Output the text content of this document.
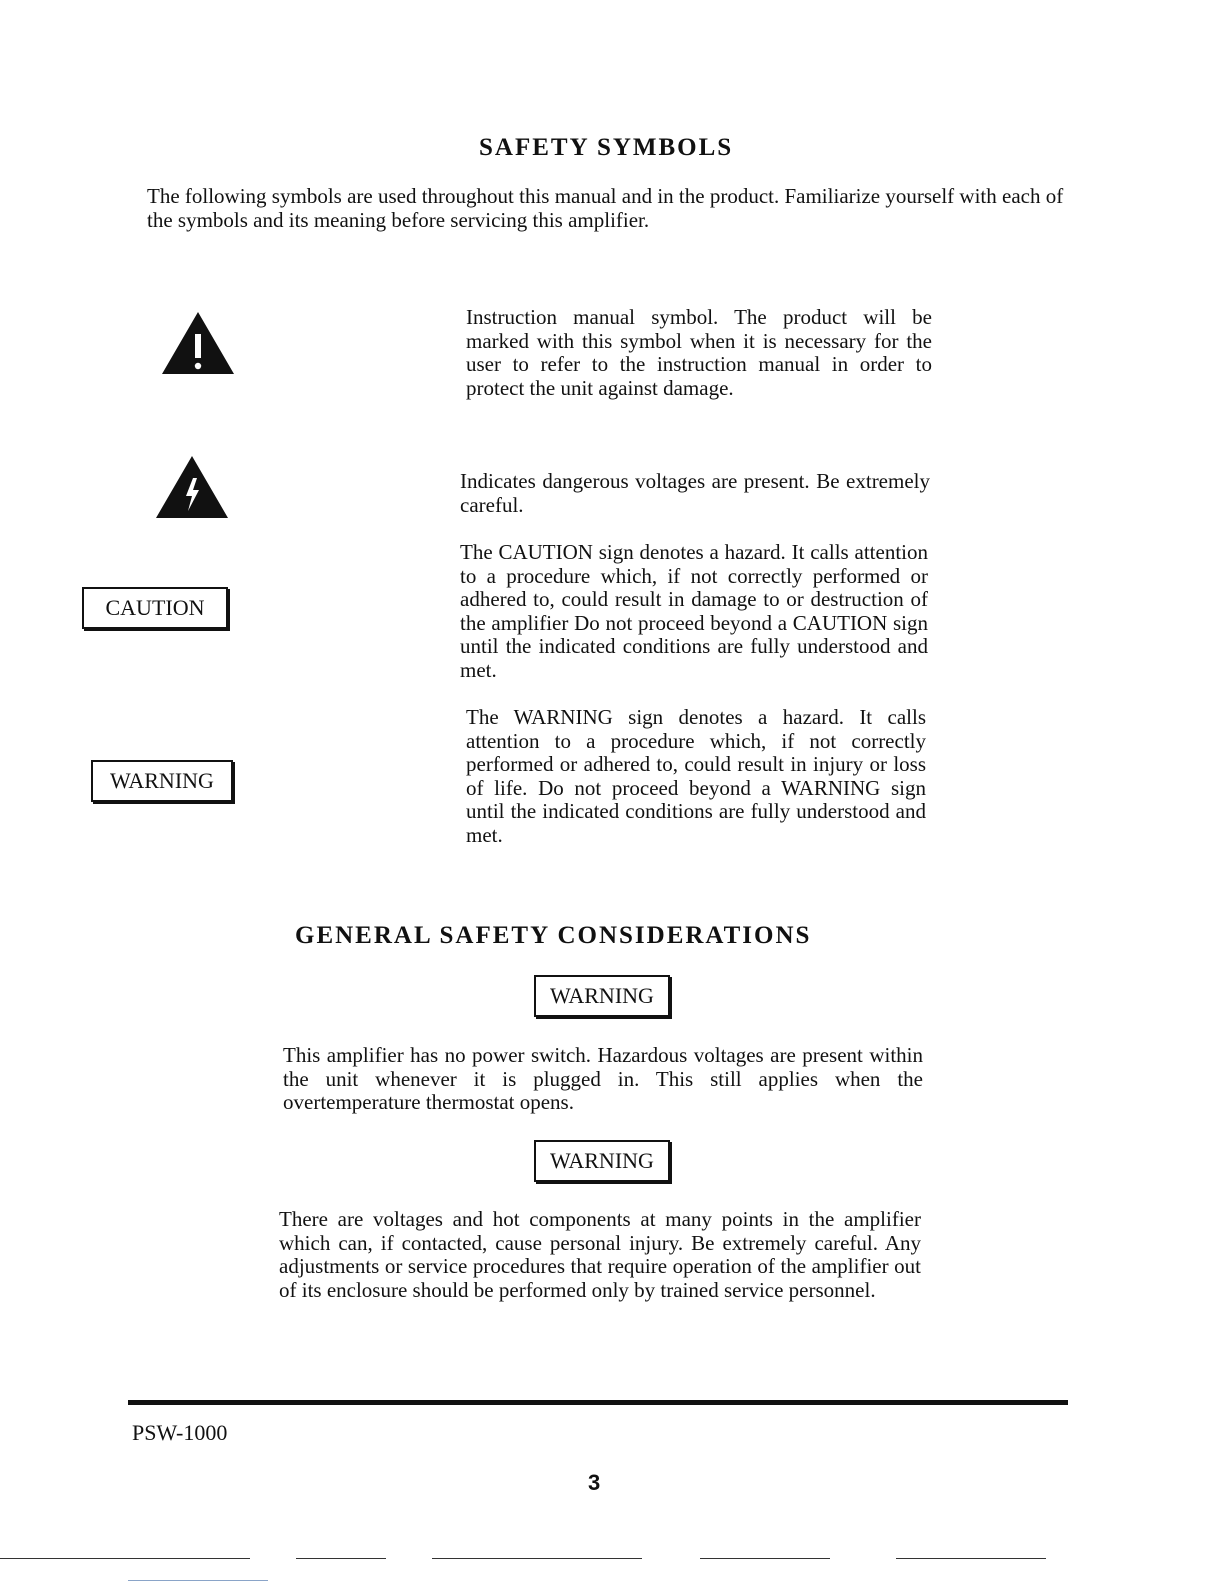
SAFETY SYMBOLS

The following symbols are used throughout this manual and in the product. Familiarize yourself with each of the symbols and its meaning before servicing this amplifier.

Instruction manual symbol. The product will be marked with this symbol when it is necessary for the user to refer to the instruction manual in order to protect the unit against damage.

Indicates dangerous voltages are present. Be extremely careful.

CAUTION

The CAUTION sign denotes a hazard. It calls attention to a procedure which, if not correctly performed or adhered to, could result in damage to or destruction of the amplifier Do not proceed beyond a CAUTION sign until the indicated conditions are fully understood and met.

WARNING

The WARNING sign denotes a hazard. It calls attention to a procedure which, if not correctly performed or adhered to, could result in injury or loss of life. Do not proceed beyond a WARNING sign until the indicated conditions are fully understood and met.

GENERAL SAFETY CONSIDERATIONS
WARNING

This amplifier has no power switch. Hazardous voltages are present within the unit whenever it is plugged in. This still applies when the overtemperature thermostat opens.

WARNING

There are voltages and hot components at many points in the amplifier which can, if contacted, cause personal injury. Be extremely careful. Any adjustments or service procedures that require operation of the amplifier out of its enclosure should be performed only by trained service personnel.

PSW-1000
3
